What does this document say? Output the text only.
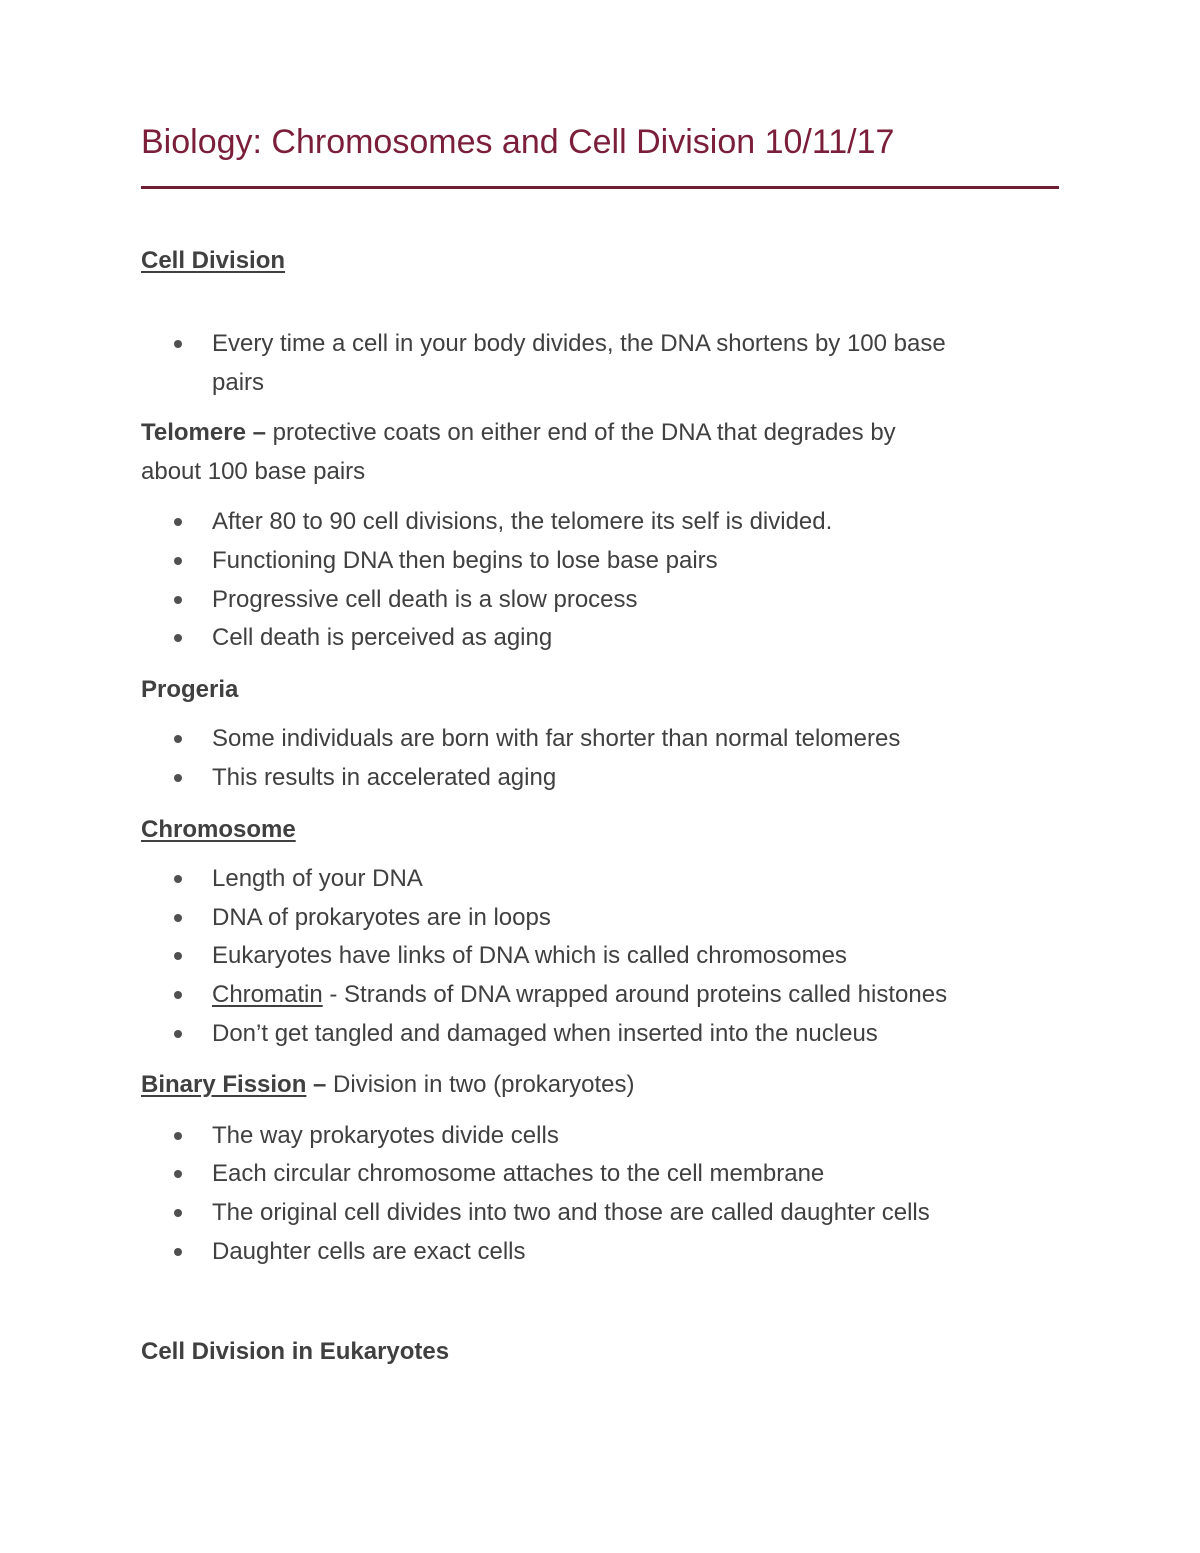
Biology: Chromosomes and Cell Division 10/11/17
Cell Division
Every time a cell in your body divides, the DNA shortens by 100 base
pairs
Telomere – protective coats on either end of the DNA that degrades by
about 100 base pairs
After 80 to 90 cell divisions, the telomere its self is divided.
Functioning DNA then begins to lose base pairs
Progressive cell death is a slow process
Cell death is perceived as aging
Progeria
Some individuals are born with far shorter than normal telomeres
This results in accelerated aging
Chromosome
Length of your DNA
DNA of prokaryotes are in loops
Eukaryotes have links of DNA which is called chromosomes
Chromatin - Strands of DNA wrapped around proteins called histones
Don’t get tangled and damaged when inserted into the nucleus
Binary Fission – Division in two (prokaryotes)
The way prokaryotes divide cells
Each circular chromosome attaches to the cell membrane
The original cell divides into two and those are called daughter cells
Daughter cells are exact cells
Cell Division in Eukaryotes
